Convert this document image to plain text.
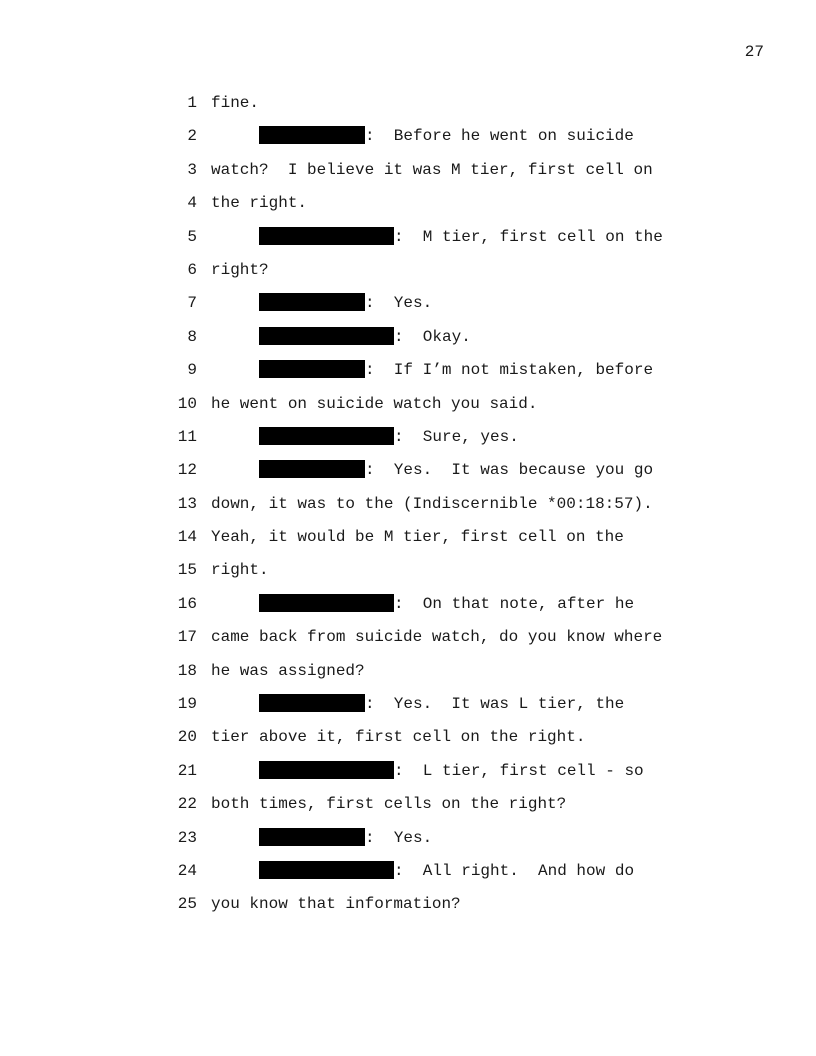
27
1 fine.
2	:  Before he went on suicide
3 watch?  I believe it was M tier, first cell on
4 the right.
5	:  M tier, first cell on the
6 right?
7	:  Yes.
8	:  Okay.
9	:  If I’m not mistaken, before
10 he went on suicide watch you said.
11	:  Sure, yes.
12	:  Yes.  It was because you go
13 down, it was to the (Indiscernible *00:18:57).
14 Yeah, it would be M tier, first cell on the
15 right.
16	:  On that note, after he
17 came back from suicide watch, do you know where
18 he was assigned?
19	:  Yes.  It was L tier, the
20 tier above it, first cell on the right.
21	:  L tier, first cell - so
22 both times, first cells on the right?
23	:  Yes.
24	:  All right.  And how do
25 you know that information?
